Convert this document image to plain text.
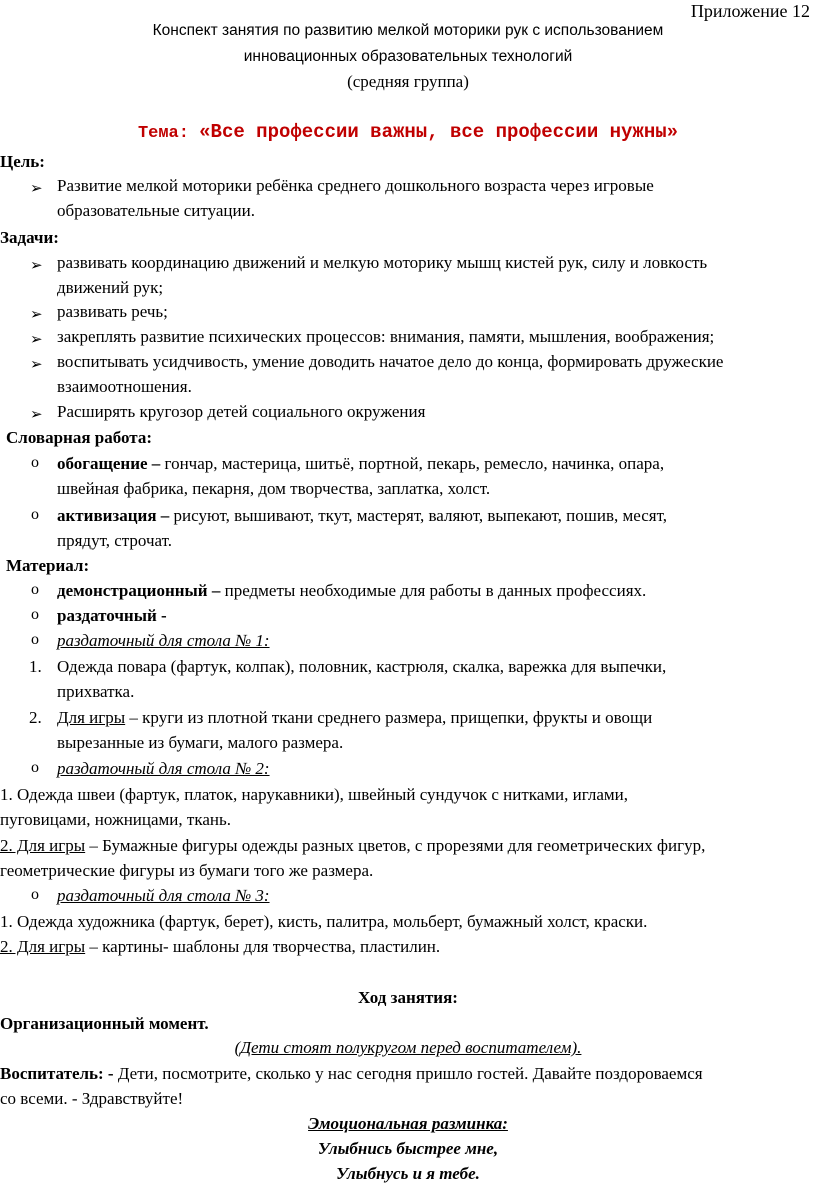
Приложение 12
Конспект занятия по развитию мелкой моторики рук с использованием
инновационных образовательных технологий
(средняя группа)
Тема: «Все профессии важны, все профессии нужны»
Цель:
➢ Развитие мелкой моторики ребёнка среднего дошкольного возраста через игровые
образовательные ситуации.
Задачи:
➢ развивать координацию движений и мелкую моторику мышц кистей рук, силу и ловкость
движений рук;
➢ развивать речь;
➢ закреплять развитие психических процессов: внимания, памяти, мышления, воображения;
➢ воспитывать усидчивость, умение доводить начатое дело до конца, формировать дружеские
взаимоотношения.
➢ Расширять кругозор детей социального окружения
Словарная работа:
o обогащение – гончар, мастерица, шитьё, портной, пекарь, ремесло, начинка, опара,
швейная фабрика, пекарня, дом творчества, заплатка, холст.
o активизация – рисуют, вышивают, ткут, мастерят, валяют, выпекают, пошив, месят,
прядут, строчат.
Материал:
o демонстрационный – предметы необходимые для работы в данных профессиях.
o раздаточный -
o раздаточный для стола № 1:
1. Одежда повара (фартук, колпак), половник, кастрюля, скалка, варежка для выпечки,
прихватка.
2. Для игры – круги из плотной ткани среднего размера, прищепки, фрукты и овощи
вырезанные из бумаги, малого размера.
o раздаточный для стола № 2:
1. Одежда швеи (фартук, платок, нарукавники), швейный сундучок с нитками, иглами,
пуговицами, ножницами, ткань.
2. Для игры – Бумажные фигуры одежды разных цветов, с прорезями для геометрических фигур,
геометрические фигуры из бумаги того же размера.
o раздаточный для стола № 3:
1. Одежда художника (фартук, берет), кисть, палитра, мольберт, бумажный холст, краски.
2. Для игры – картины- шаблоны для творчества, пластилин.
Ход занятия:
Организационный момент.
(Дети стоят полукругом перед воспитателем).
Воспитатель: - Дети, посмотрите, сколько у нас сегодня пришло гостей. Давайте поздороваемся
со всеми. - Здравствуйте!
Эмоциональная разминка:
Улыбнись быстрее мне,
Улыбнусь и я тебе.
